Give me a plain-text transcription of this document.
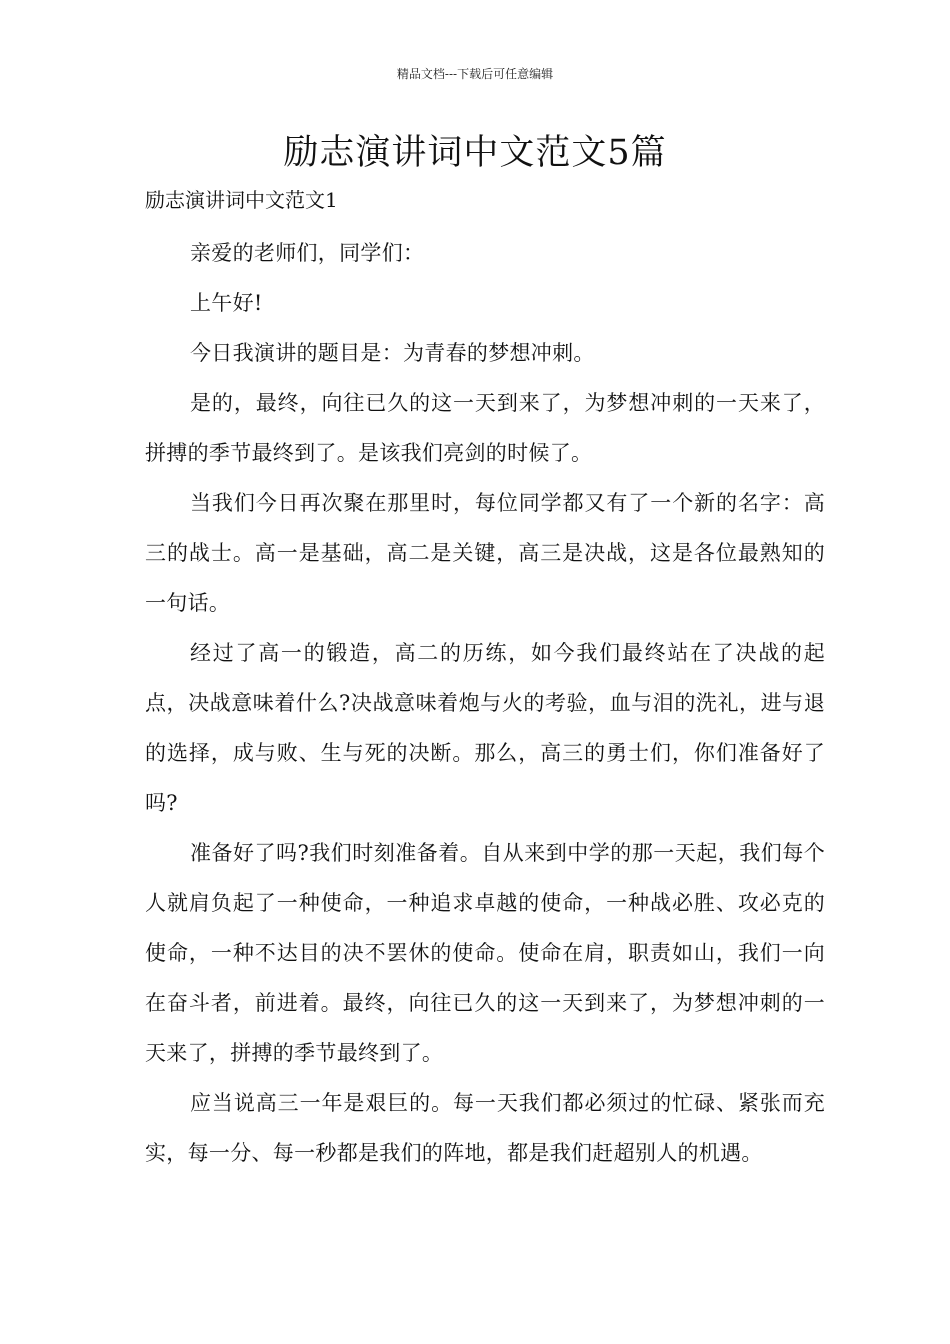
精品文档---下载后可任意编辑
励志演讲词中文范文5篇
励志演讲词中文范文1

亲爱的老师们，同学们：

上午好!

今日我演讲的题目是：为青春的梦想冲刺。

是的，最终，向往已久的这一天到来了，为梦想冲刺的一天来了，拼搏的季节最终到了。是该我们亮剑的时候了。

当我们今日再次聚在那里时，每位同学都又有了一个新的名字：高三的战士。高一是基础，高二是关键，高三是决战，这是各位最熟知的一句话。

经过了高一的锻造，高二的历练，如今我们最终站在了决战的起点，决战意味着什么?决战意味着炮与火的考验，血与泪的洗礼，进与退的选择，成与败、生与死的决断。那么，高三的勇士们，你们准备好了吗?

准备好了吗?我们时刻准备着。自从来到中学的那一天起，我们每个人就肩负起了一种使命，一种追求卓越的使命，一种战必胜、攻必克的使命，一种不达目的决不罢休的使命。使命在肩，职责如山，我们一向在奋斗者，前进着。最终，向往已久的这一天到来了，为梦想冲刺的一天来了，拼搏的季节最终到了。

应当说高三一年是艰巨的。每一天我们都必须过的忙碌、紧张而充实，每一分、每一秒都是我们的阵地，都是我们赶超别人的机遇。
